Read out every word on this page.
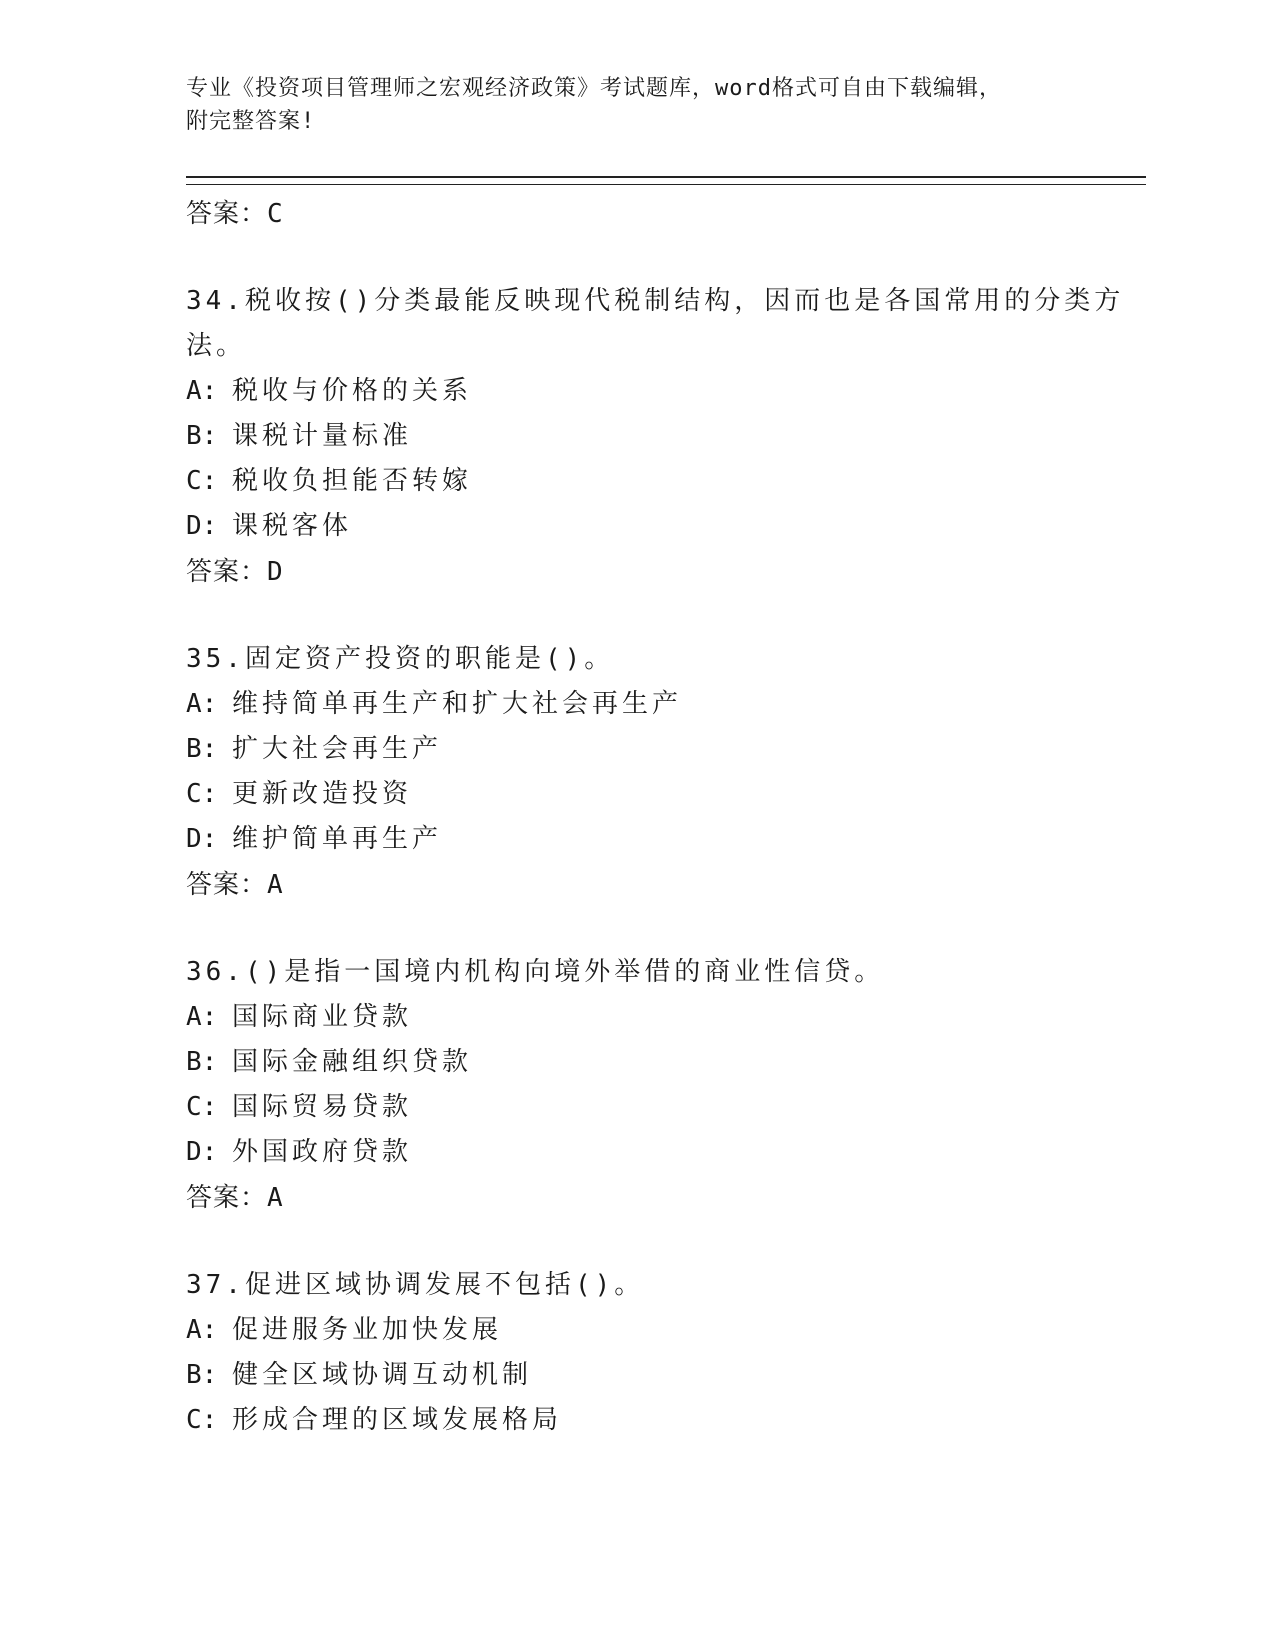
专业《投资项目管理师之宏观经济政策》考试题库，word格式可自由下载编辑，

附完整答案!

答案：C

34.税收按()分类最能反映现代税制结构，因而也是各国常用的分类方法。

A: 税收与价格的关系

B: 课税计量标准

C: 税收负担能否转嫁

D: 课税客体

答案：D

35.固定资产投资的职能是()。

A: 维持简单再生产和扩大社会再生产

B: 扩大社会再生产

C: 更新改造投资

D: 维护简单再生产

答案：A

36.()是指一国境内机构向境外举借的商业性信贷。

A: 国际商业贷款

B: 国际金融组织贷款

C: 国际贸易贷款

D: 外国政府贷款

答案：A

37.促进区域协调发展不包括()。

A: 促进服务业加快发展

B: 健全区域协调互动机制

C: 形成合理的区域发展格局
